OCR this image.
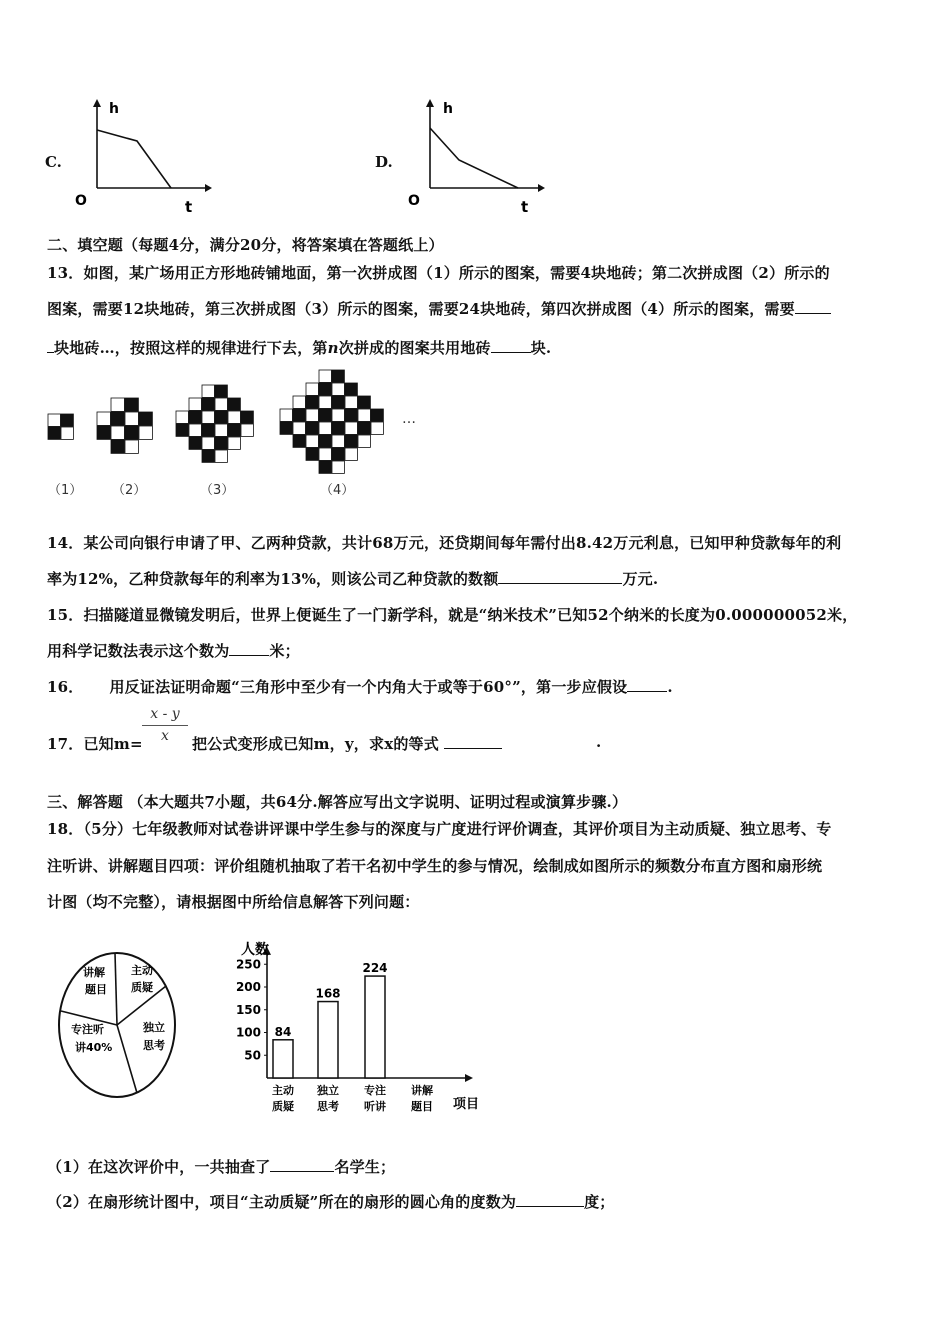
C.
h
t
O
D.
h
t
O
二、填空题（每题4分，满分20分，将答案填在答题纸上）
13．如图，某广场用正方形地砖铺地面，第一次拼成图（1）所示的图案，需要4块地砖；第二次拼成图（2）所示的
图案，需要12块地砖，第三次拼成图（3）所示的图案，需要24块地砖，第四次拼成图（4）所示的图案，需要
块地砖…，按照这样的规律进行下去，第n次拼成的图案共用地砖	块.
（1） （2）	（3）	（4）
…
14．某公司向银行申请了甲、乙两种贷款，共计68万元，还贷期间每年需付出8.42万元利息，已知甲种贷款每年的利
率为12%，乙种贷款每年的利率为13%，则该公司乙种贷款的数额	万元.
15．扫描隧道显微镜发明后，世界上便诞生了一门新学科，就是“纳米技术”已知52个纳米的长度为0.000000052米，
用科学记数法表示这个数为	米；
16． 用反证法证明命题“三角形中至少有一个内角大于或等于60°”，第一步应假设	.
17．已知m=
x - y
x	把公式变形成已知m，y，求x的等式	.
三、解答题 （本大题共7小题，共64分.解答应写出文字说明、证明过程或演算步骤.）
18．（5分）七年级教师对试卷讲评课中学生参与的深度与广度进行评价调查，其评价项目为主动质疑、独立思考、专
注听讲、讲解题目四项：评价组随机抽取了若干名初中学生的参与情况，绘制成如图所示的频数分布直方图和扇形统
计图（均不完整），请根据图中所给信息解答下列问题：
讲解
题目
主动
质疑
专注听
讲40%
独立
思考
人数
项目
50
100
150
200
250
84
主动
质疑
168
独立
思考
224
专注
听讲
讲解
题目
（1）在这次评价中，一共抽查了	名学生；
（2）在扇形统计图中，项目“主动质疑”所在的扇形的圆心角的度数为	度；
